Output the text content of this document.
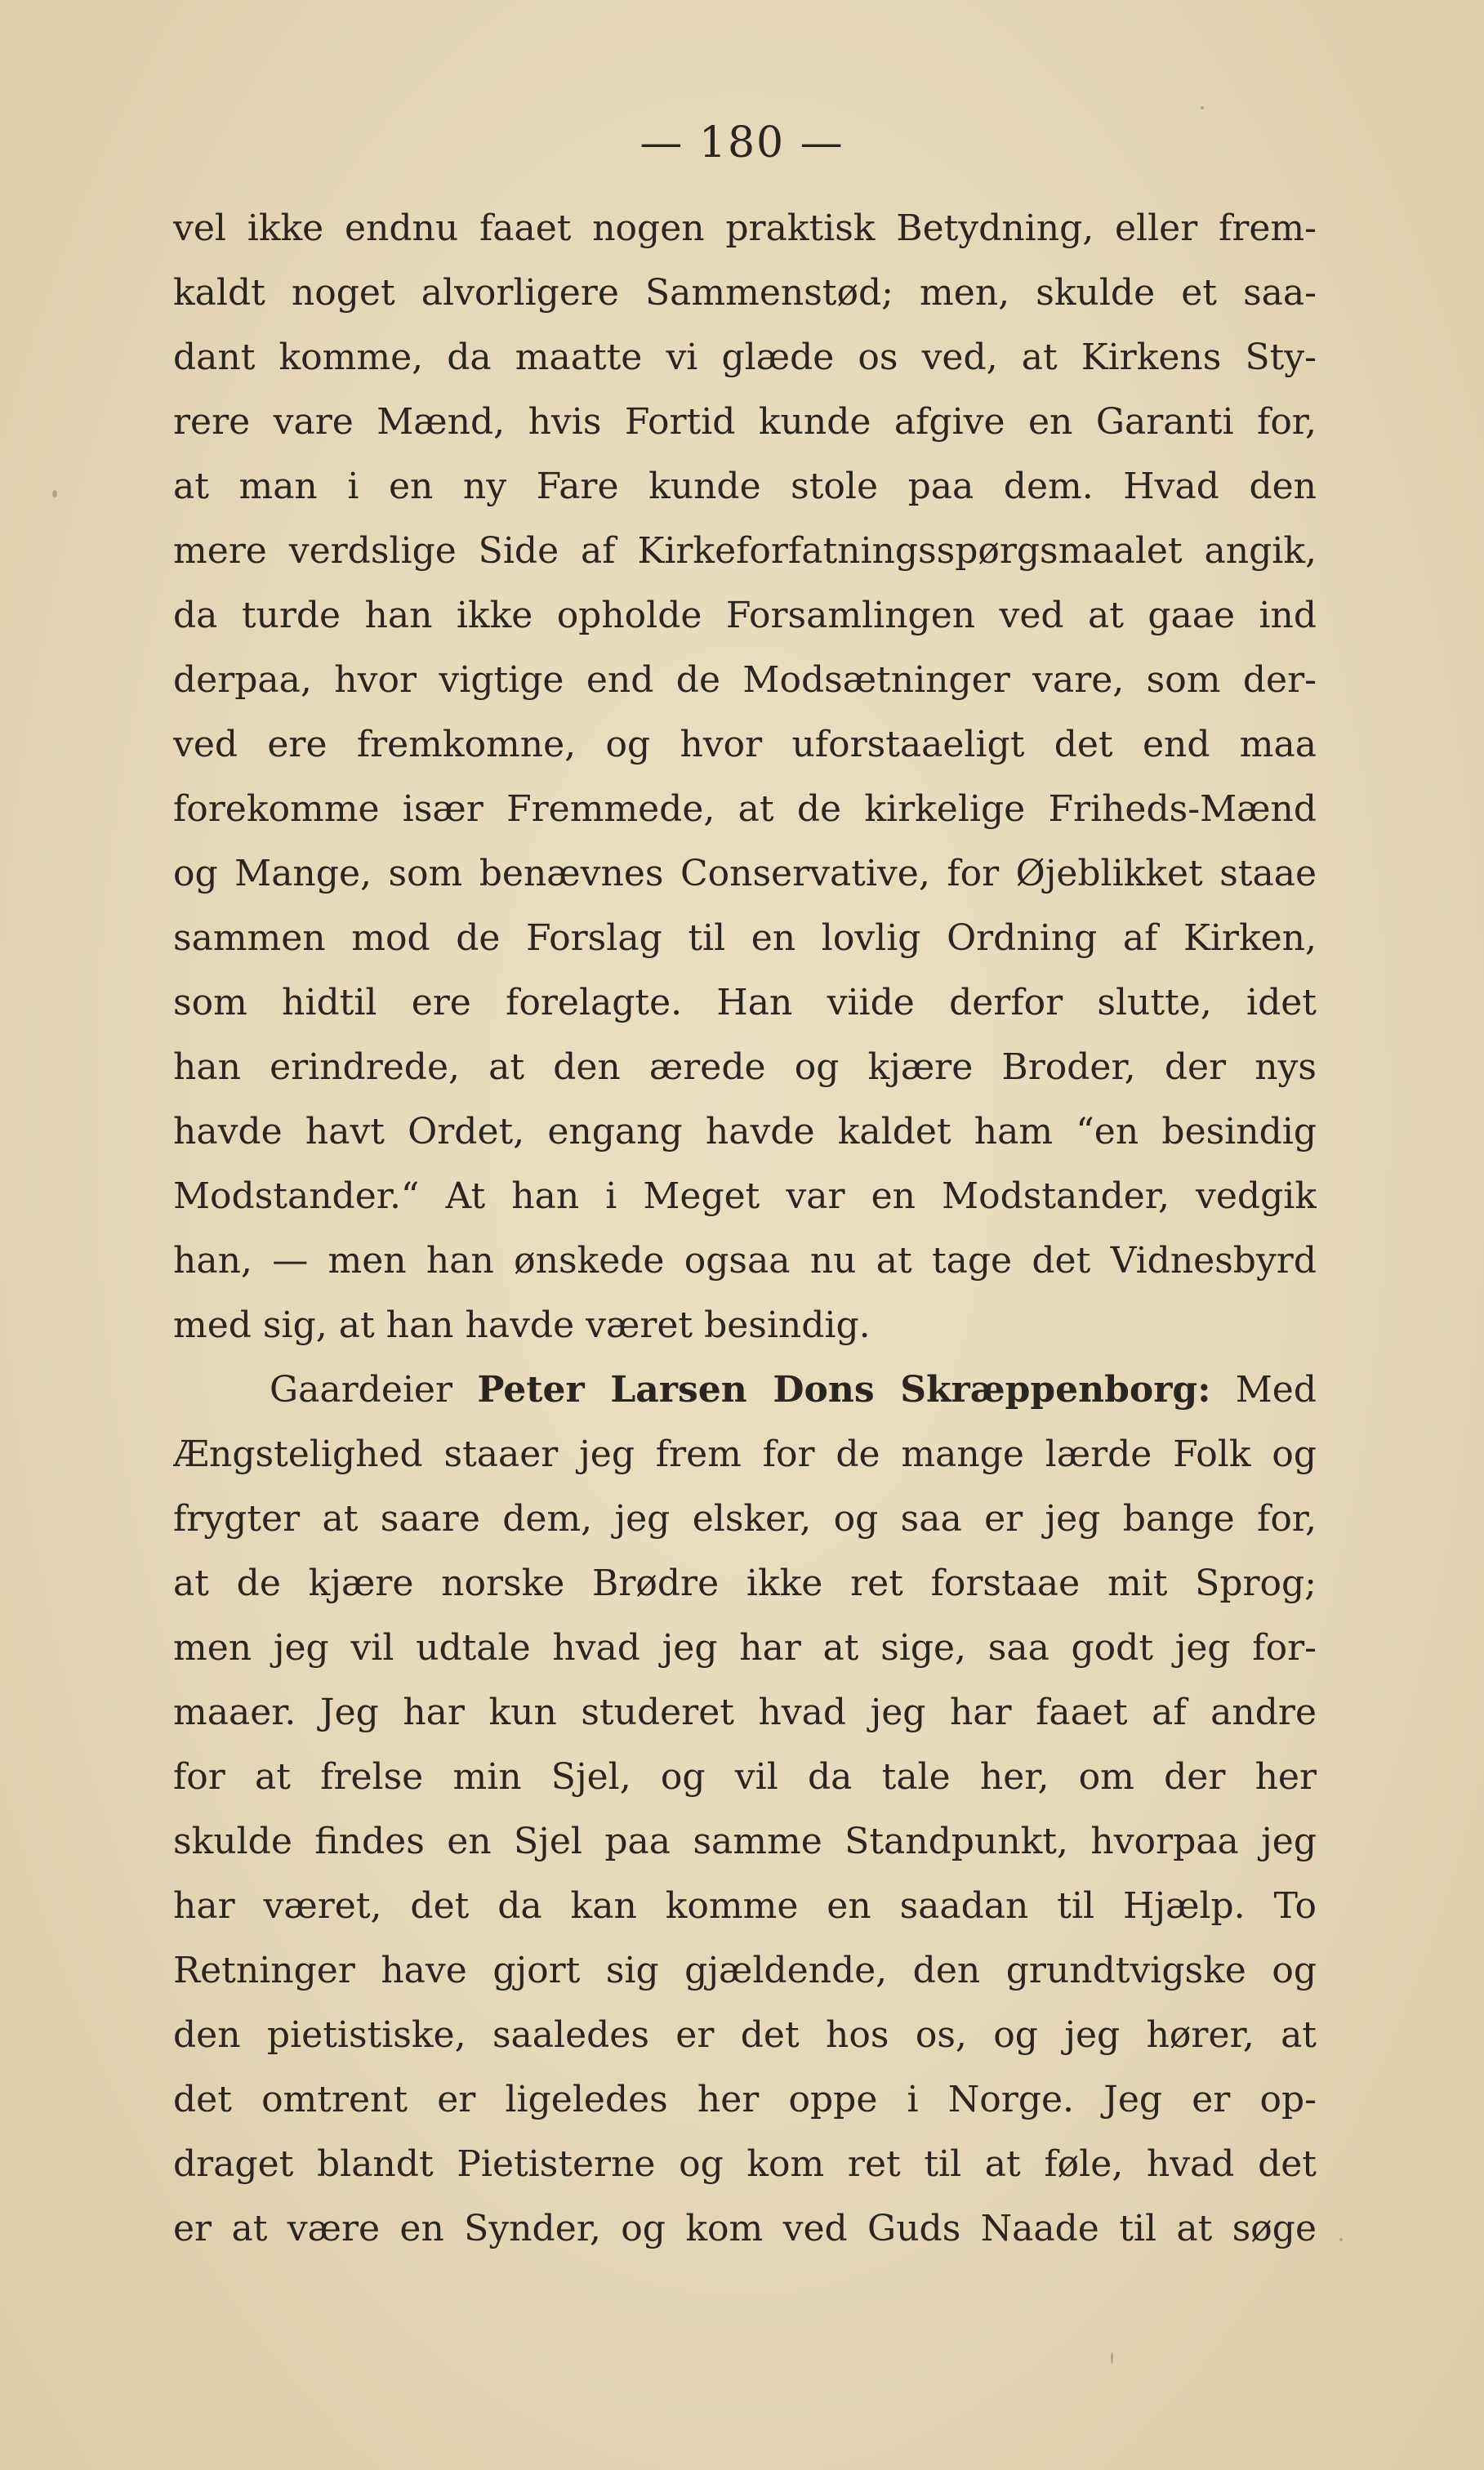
— 180 —
vel ikke endnu faaet nogen praktisk Betydning, eller frem-
kaldt noget alvorligere Sammenstød; men, skulde et saa-
dant komme, da maatte vi glæde os ved, at Kirkens Sty-
rere vare Mænd, hvis Fortid kunde afgive en Garanti for,
at man i en ny Fare kunde stole paa dem. Hvad den
mere verdslige Side af Kirkeforfatningsspørgsmaalet angik,
da turde han ikke opholde Forsamlingen ved at gaae ind
derpaa, hvor vigtige end de Modsætninger vare, som der-
ved ere fremkomne, og hvor uforstaaeligt det end maa
forekomme især Fremmede, at de kirkelige Friheds-Mænd
og Mange, som benævnes Conservative, for Øjeblikket staae
sammen mod de Forslag til en lovlig Ordning af Kirken,
som hidtil ere forelagte. Han viide derfor slutte, idet
han erindrede, at den ærede og kjære Broder, der nys
havde havt Ordet, engang havde kaldet ham “en besindig
Modstander.“ At han i Meget var en Modstander, vedgik
han, — men han ønskede ogsaa nu at tage det Vidnesbyrd
med sig, at han havde været besindig.
Gaardeier Peter Larsen Dons Skræppenborg: Med
Ængstelighed staaer jeg frem for de mange lærde Folk og
frygter at saare dem, jeg elsker, og saa er jeg bange for,
at de kjære norske Brødre ikke ret forstaae mit Sprog;
men jeg vil udtale hvad jeg har at sige, saa godt jeg for-
maaer. Jeg har kun studeret hvad jeg har faaet af andre
for at frelse min Sjel, og vil da tale her, om der her
skulde findes en Sjel paa samme Standpunkt, hvorpaa jeg
har været, det da kan komme en saadan til Hjælp. To
Retninger have gjort sig gjældende, den grundtvigske og
den pietistiske, saaledes er det hos os, og jeg hører, at
det omtrent er ligeledes her oppe i Norge. Jeg er op-
draget blandt Pietisterne og kom ret til at føle, hvad det
er at være en Synder, og kom ved Guds Naade til at søge
